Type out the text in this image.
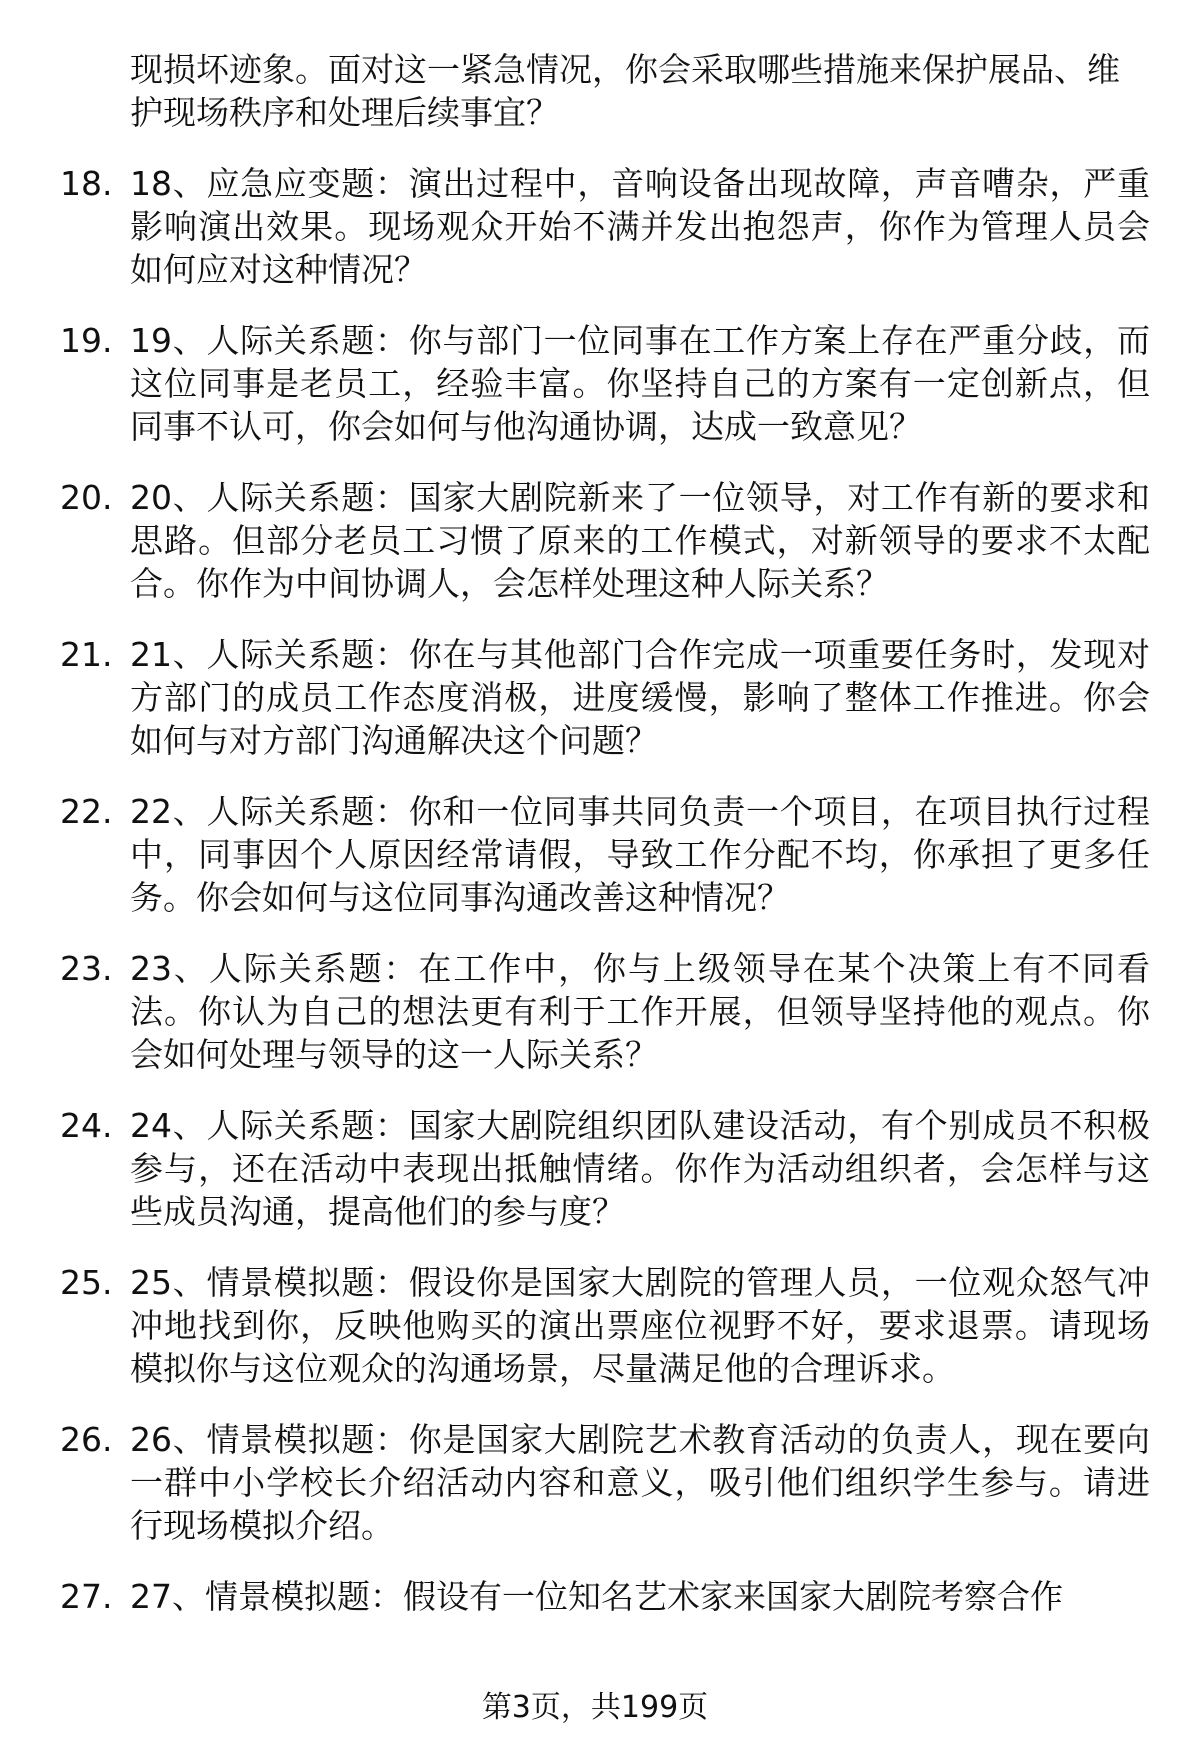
现损坏迹象。面对这一紧急情况，你会采取哪些措施来保护展品、维护现场秩序和处理后续事宜？
18. 18、应急应变题：演出过程中，音响设备出现故障，声音嘈杂，严重影响演出效果。现场观众开始不满并发出抱怨声，你作为管理人员会如何应对这种情况？
19. 19、人际关系题：你与部门一位同事在工作方案上存在严重分歧，而这位同事是老员工，经验丰富。你坚持自己的方案有一定创新点，但同事不认可，你会如何与他沟通协调，达成一致意见？
20. 20、人际关系题：国家大剧院新来了一位领导，对工作有新的要求和思路。但部分老员工习惯了原来的工作模式，对新领导的要求不太配合。你作为中间协调人，会怎样处理这种人际关系？
21. 21、人际关系题：你在与其他部门合作完成一项重要任务时，发现对方部门的成员工作态度消极，进度缓慢，影响了整体工作推进。你会如何与对方部门沟通解决这个问题？
22. 22、人际关系题：你和一位同事共同负责一个项目，在项目执行过程中，同事因个人原因经常请假，导致工作分配不均，你承担了更多任务。你会如何与这位同事沟通改善这种情况？
23. 23、人际关系题：在工作中，你与上级领导在某个决策上有不同看法。你认为自己的想法更有利于工作开展，但领导坚持他的观点。你会如何处理与领导的这一人际关系？
24. 24、人际关系题：国家大剧院组织团队建设活动，有个别成员不积极参与，还在活动中表现出抵触情绪。你作为活动组织者，会怎样与这些成员沟通，提高他们的参与度？
25. 25、情景模拟题：假设你是国家大剧院的管理人员，一位观众怒气冲冲地找到你，反映他购买的演出票座位视野不好，要求退票。请现场模拟你与这位观众的沟通场景，尽量满足他的合理诉求。
26. 26、情景模拟题：你是国家大剧院艺术教育活动的负责人，现在要向一群中小学校长介绍活动内容和意义，吸引他们组织学生参与。请进行现场模拟介绍。
27. 27、情景模拟题：假设有一位知名艺术家来国家大剧院考察合作
第3页，共199页
